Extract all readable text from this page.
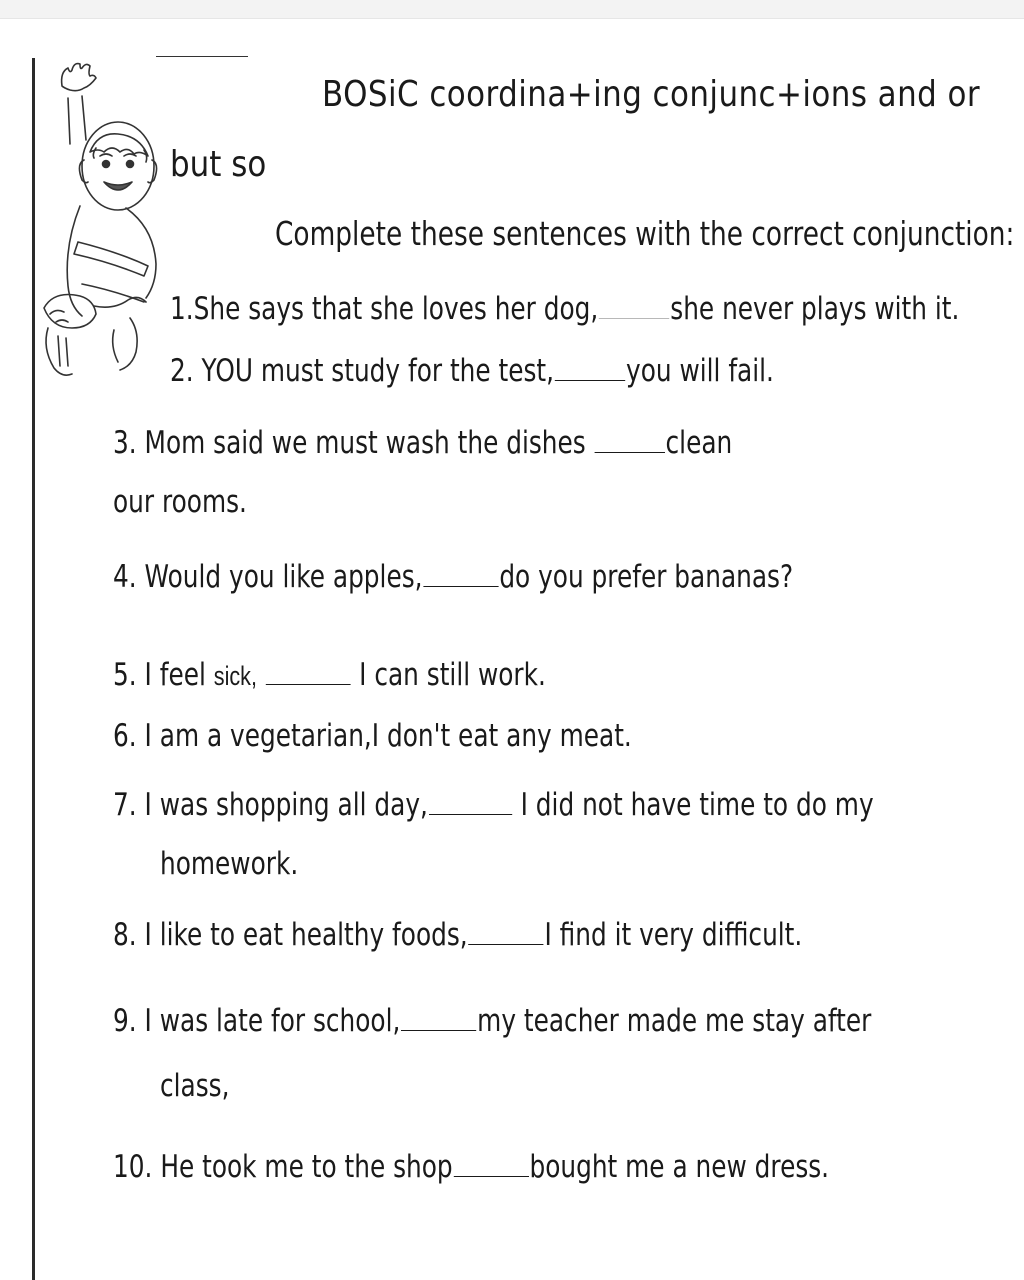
BOSiC coordina+ing conjunc+ions and or
but so

Complete these sentences with the correct conjunction:

1.She says that she loves her dog, she never plays with it.

2. YOU must study for the test, you will fail.

3. Mom said we must wash the dishes	clean

our rooms.

4. Would you like apples, do you prefer bananas?

5. I feel sick,	I can still work.

6. I am a vegetarian,I don't eat any meat.

7. I was shopping all day,	I did not have time to do my

homework.

8. I like to eat healthy foods, I find it very difficult.

9. I was late for school, my teacher made me stay after

class,

10. He took me to the shop bought me a new dress.
